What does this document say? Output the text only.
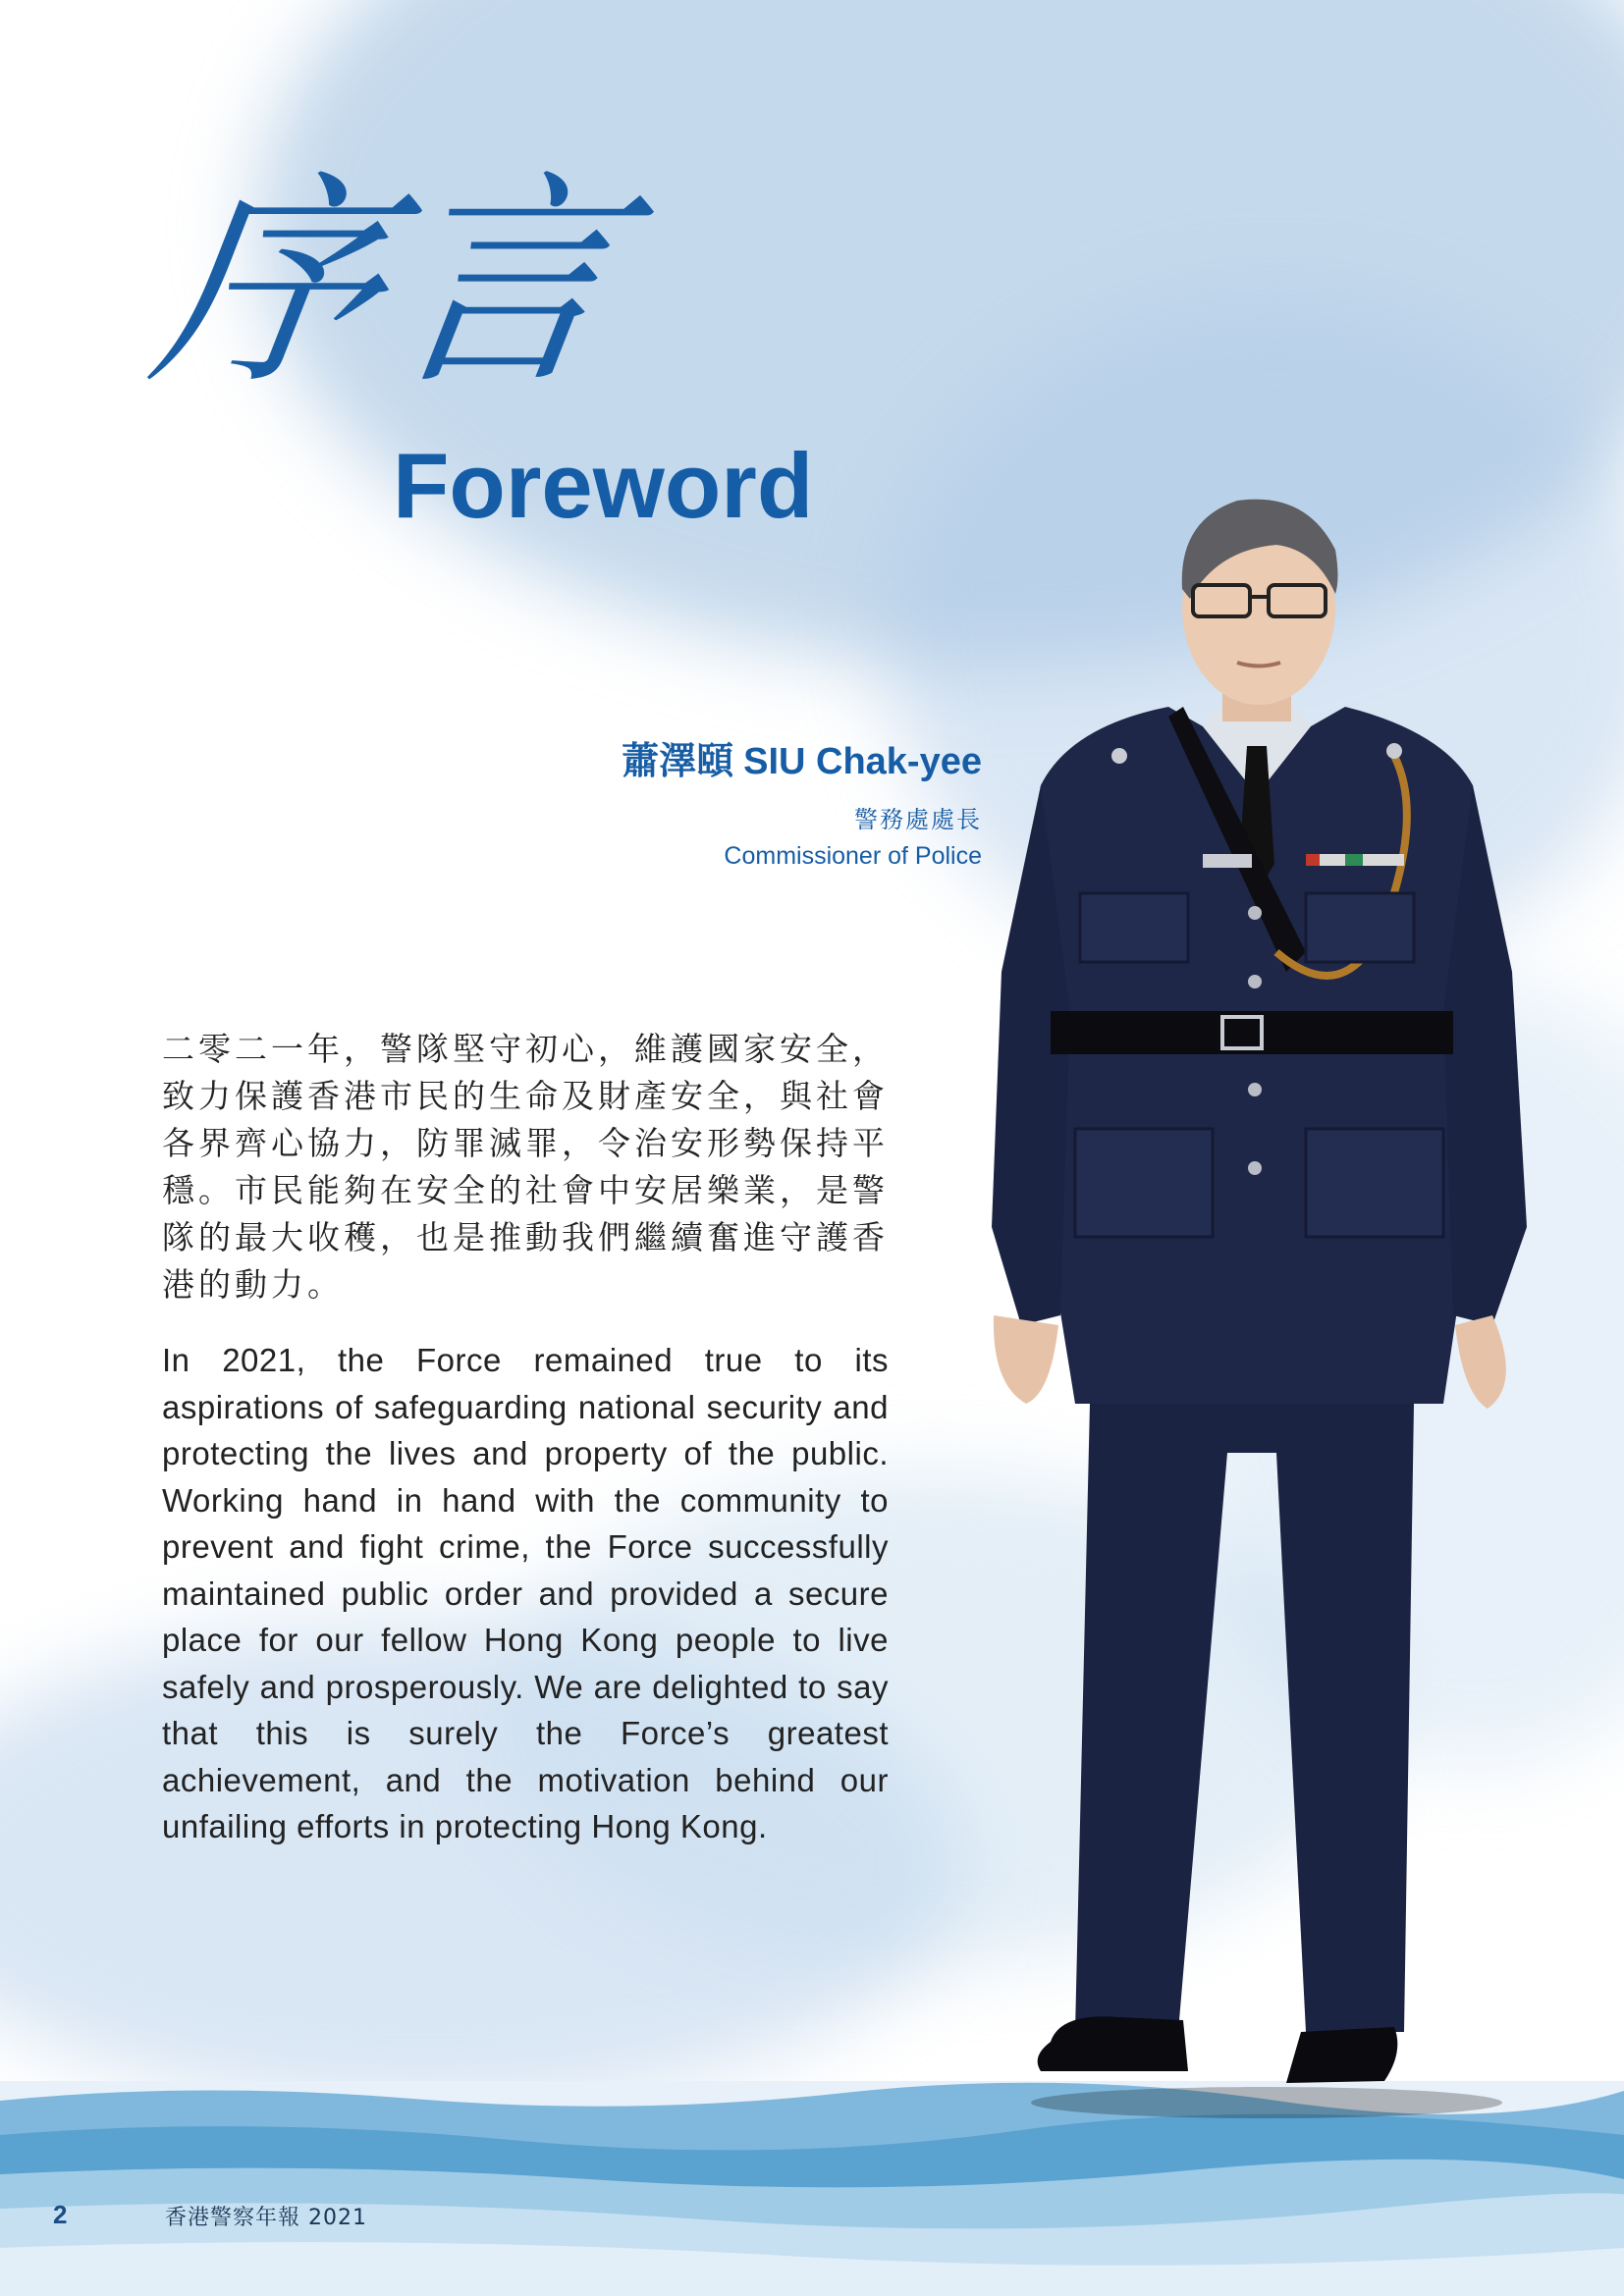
序言
Foreword
蕭澤頤 SIU Chak-yee
警務處處長
Commissioner of Police
二零二一年，警隊堅守初心，維護國家安全，致力保護香港市民的生命及財產安全，與社會各界齊心協力，防罪滅罪，令治安形勢保持平穩。市民能夠在安全的社會中安居樂業，是警隊的最大收穫，也是推動我們繼續奮進守護香港的動力。
In 2021, the Force remained true to its aspirations of safeguarding national security and protecting the lives and property of the public. Working hand in hand with the community to prevent and fight crime, the Force successfully maintained public order and provided a secure place for our fellow Hong Kong people to live safely and prosperously. We are delighted to say that this is surely the Force’s greatest achievement, and the motivation behind our unfailing efforts in protecting Hong Kong.
2	香港警察年報 2021
